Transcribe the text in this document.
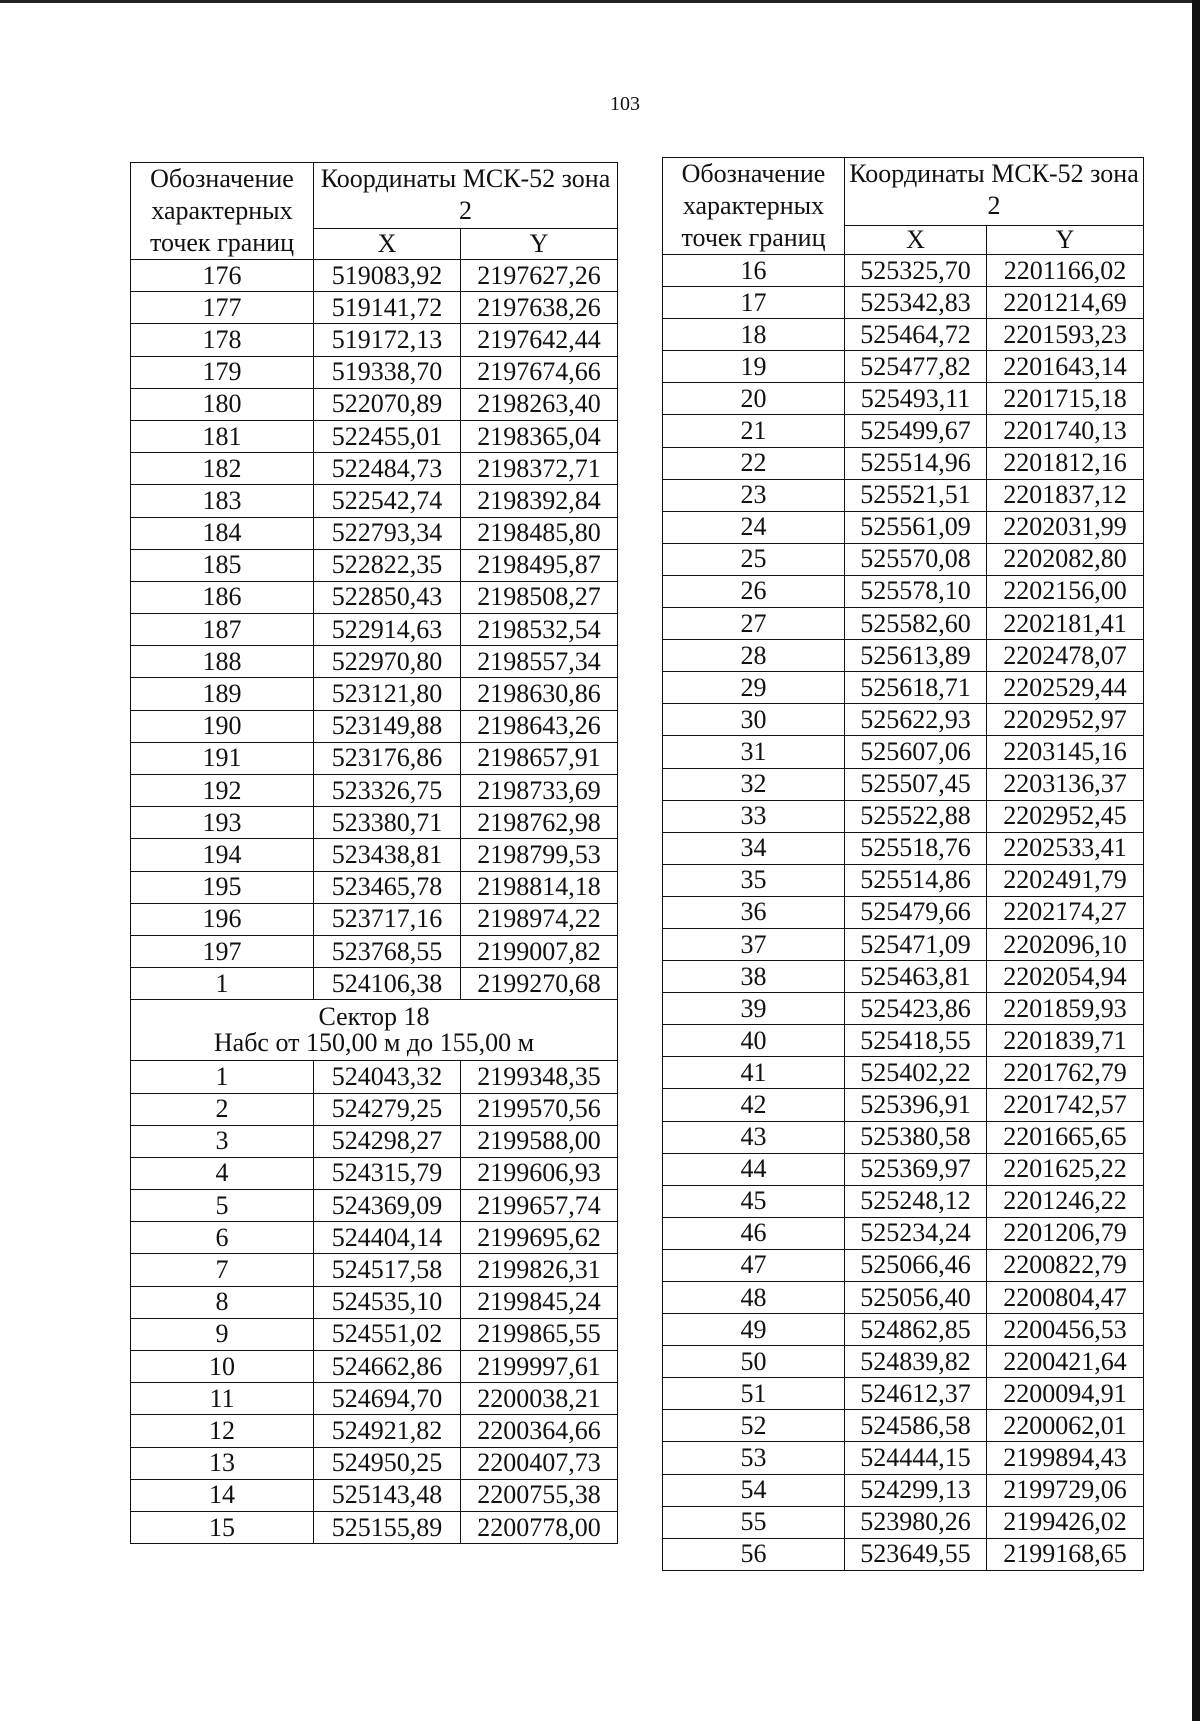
103
Обозначение характерных точек границ	Координаты МСК-52 зона 2	
	X	Y
176	519083,92	2197627,26
177	519141,72	2197638,26
178	519172,13	2197642,44
179	519338,70	2197674,66
180	522070,89	2198263,40
181	522455,01	2198365,04
182	522484,73	2198372,71
183	522542,74	2198392,84
184	522793,34	2198485,80
185	522822,35	2198495,87
186	522850,43	2198508,27
187	522914,63	2198532,54
188	522970,80	2198557,34
189	523121,80	2198630,86
190	523149,88	2198643,26
191	523176,86	2198657,91
192	523326,75	2198733,69
193	523380,71	2198762,98
194	523438,81	2198799,53
195	523465,78	2198814,18
196	523717,16	2198974,22
197	523768,55	2199007,82
1	524106,38	2199270,68

Сектор 18
Набс от 150,00 м до 155,00 м		

1	524043,32	2199348,35
2	524279,25	2199570,56
3	524298,27	2199588,00
4	524315,79	2199606,93
5	524369,09	2199657,74
6	524404,14	2199695,62
7	524517,58	2199826,31
8	524535,10	2199845,24
9	524551,02	2199865,55
10	524662,86	2199997,61
11	524694,70	2200038,21
12	524921,82	2200364,66
13	524950,25	2200407,73
14	525143,48	2200755,38
15	525155,89	2200778,00
Обозначение характерных точек границ	Координаты МСК-52 зона 2	
	X	Y
16	525325,70	2201166,02
17	525342,83	2201214,69
18	525464,72	2201593,23
19	525477,82	2201643,14
20	525493,11	2201715,18
21	525499,67	2201740,13
22	525514,96	2201812,16
23	525521,51	2201837,12
24	525561,09	2202031,99
25	525570,08	2202082,80
26	525578,10	2202156,00
27	525582,60	2202181,41
28	525613,89	2202478,07
29	525618,71	2202529,44
30	525622,93	2202952,97
31	525607,06	2203145,16
32	525507,45	2203136,37
33	525522,88	2202952,45
34	525518,76	2202533,41
35	525514,86	2202491,79
36	525479,66	2202174,27
37	525471,09	2202096,10
38	525463,81	2202054,94
39	525423,86	2201859,93
40	525418,55	2201839,71
41	525402,22	2201762,79
42	525396,91	2201742,57
43	525380,58	2201665,65
44	525369,97	2201625,22
45	525248,12	2201246,22
46	525234,24	2201206,79
47	525066,46	2200822,79
48	525056,40	2200804,47
49	524862,85	2200456,53
50	524839,82	2200421,64
51	524612,37	2200094,91
52	524586,58	2200062,01
53	524444,15	2199894,43
54	524299,13	2199729,06
55	523980,26	2199426,02
56	523649,55	2199168,65
